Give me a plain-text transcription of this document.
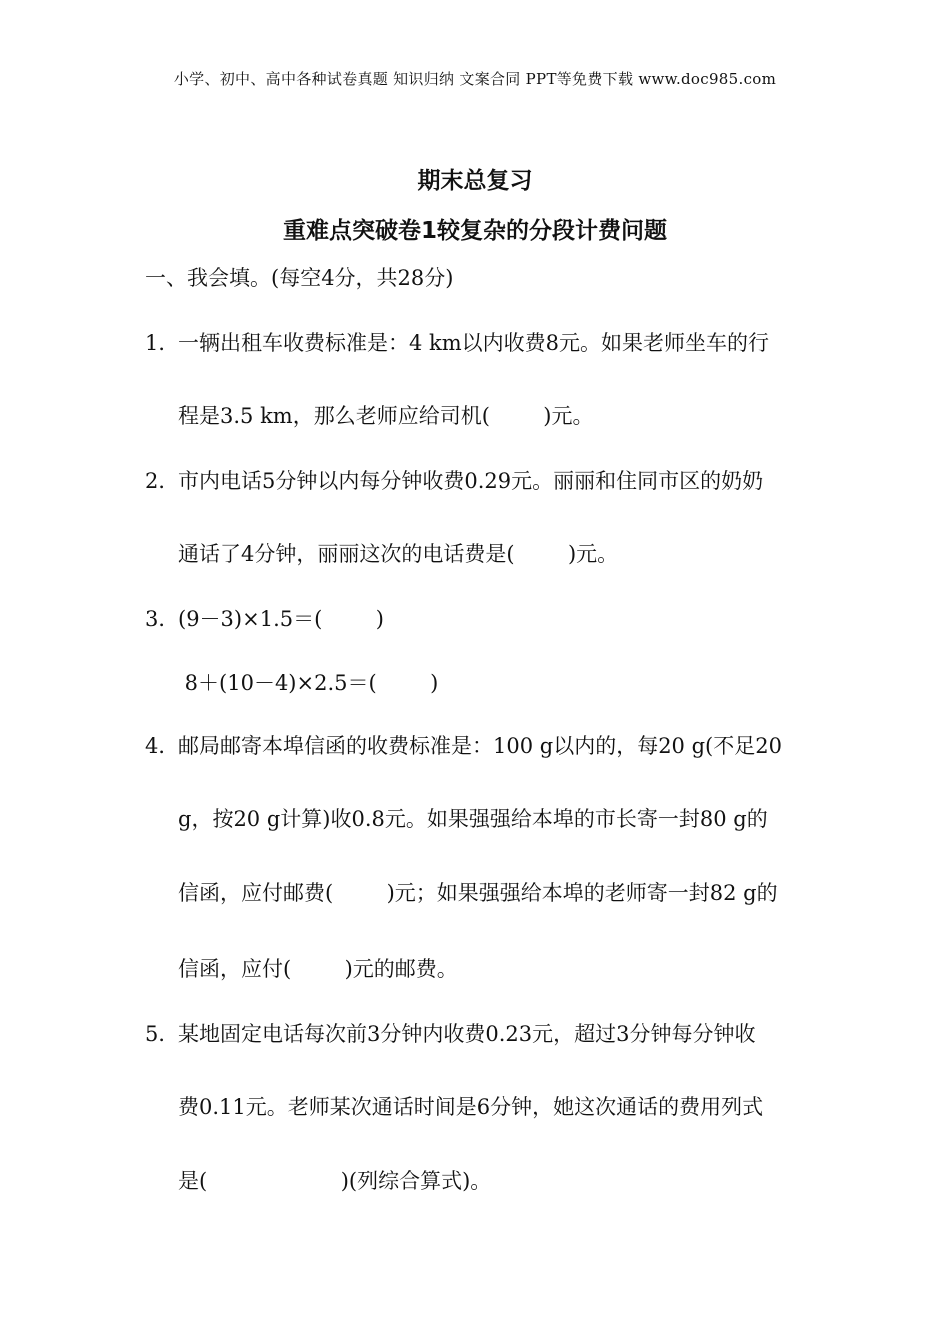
小学、初中、高中各种试卷真题 知识归纳 文案合同 PPT等免费下载 www.doc985.com
期末总复习
重难点突破卷1较复杂的分段计费问题
一、我会填。(每空4分，共28分)
1．
一辆出租车收费标准是：4 km以内收费8元。如果老师坐车的行
程是3.5 km，那么老师应给司机(        )元。
2．
市内电话5分钟以内每分钟收费0.29元。丽丽和住同市区的奶奶
通话了4分钟，丽丽这次的电话费是(        )元。
3．
(9－3)×1.5＝(        )
8＋(10－4)×2.5＝(        )
4．
邮局邮寄本埠信函的收费标准是：100 g以内的，每20 g(不足20
g，按20 g计算)收0.8元。如果强强给本埠的市长寄一封80 g的
信函，应付邮费(        )元；如果强强给本埠的老师寄一封82 g的
信函，应付(        )元的邮费。
5．
某地固定电话每次前3分钟内收费0.23元，超过3分钟每分钟收
费0.11元。老师某次通话时间是6分钟，她这次通话的费用列式
是(                    )(列综合算式)。
